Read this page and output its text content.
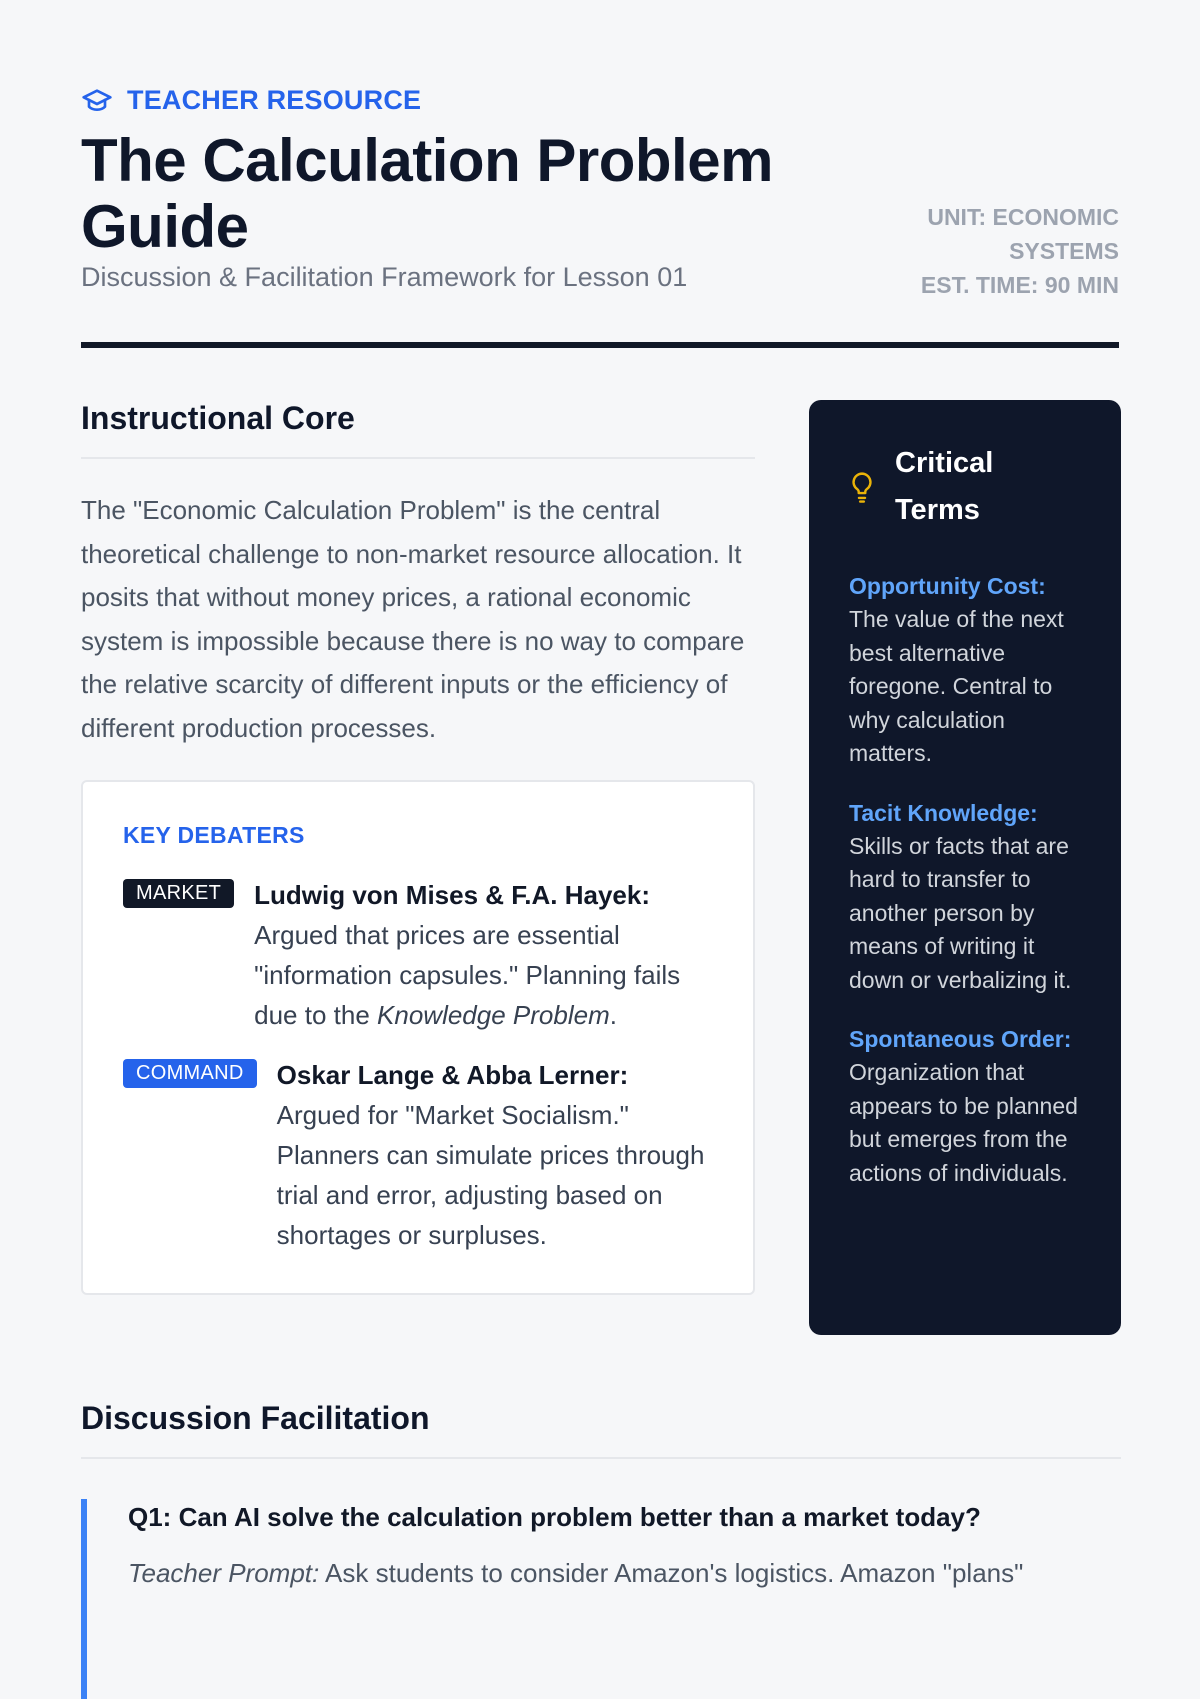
TEACHER RESOURCE
The Calculation Problem Guide
Discussion & Facilitation Framework for Lesson 01
UNIT: ECONOMIC SYSTEMS
EST. TIME: 90 MIN
Instructional Core

The "Economic Calculation Problem" is the central theoretical challenge to non-market resource allocation. It posits that without money prices, a rational economic system is impossible because there is no way to compare the relative scarcity of different inputs or the efficiency of different production processes.

KEY DEBATERS
MARKET	Ludwig von Mises & F.A. Hayek: Argued that prices are essential "information capsules." Planning fails due to the Knowledge Problem.
COMMAND	Oskar Lange & Abba Lerner: Argued for "Market Socialism." Planners can simulate prices through trial and error, adjusting based on shortages or surpluses.
Critical Terms
Opportunity Cost:
The value of the next best alternative foregone. Central to why calculation matters.
Tacit Knowledge:
Skills or facts that are hard to transfer to another person by means of writing it down or verbalizing it.
Spontaneous Order:
Organization that appears to be planned but emerges from the actions of individuals.
Discussion Facilitation
Q1: Can AI solve the calculation problem better than a market today?
Teacher Prompt: Ask students to consider Amazon's logistics. Amazon "plans"
